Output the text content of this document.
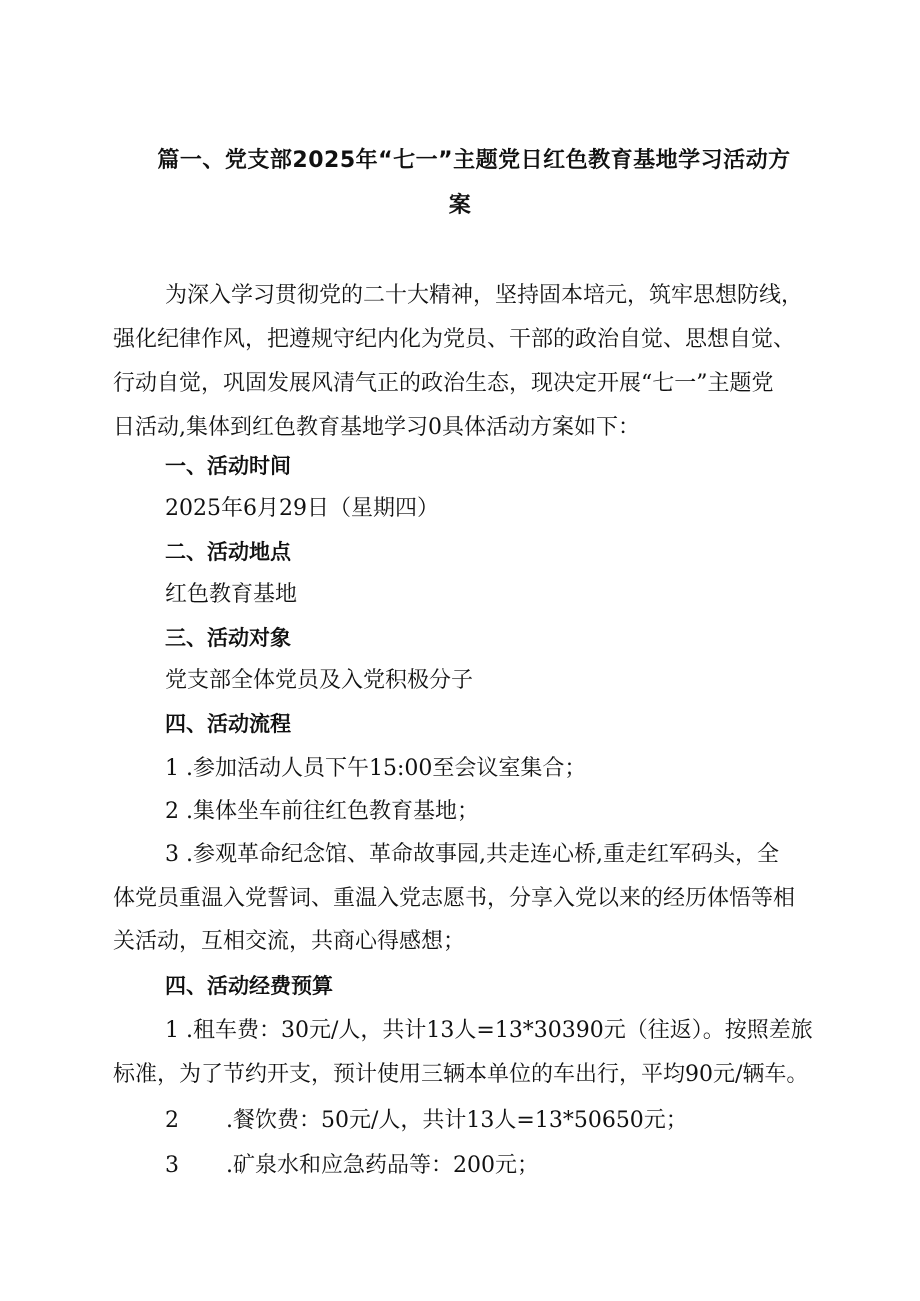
篇一、党支部2025年“七一”主题党日红色教育基地学习活动方
案
为深入学习贯彻党的二十大精神，坚持固本培元，筑牢思想防线，
强化纪律作风，把遵规守纪内化为党员、干部的政治自觉、思想自觉、
行动自觉，巩固发展风清气正的政治生态，现决定开展“七一”主题党
日活动,集体到红色教育基地学习0具体活动方案如下：
一、活动时间
2025年6月29日（星期四）
二、活动地点
红色教育基地
三、活动对象
党支部全体党员及入党积极分子
四、活动流程
1 .参加活动人员下午15:00至会议室集合；
2 .集体坐车前往红色教育基地；
3 .参观革命纪念馆、革命故事园,共走连心桥,重走红军码头，全
体党员重温入党誓词、重温入党志愿书，分享入党以来的经历体悟等相
关活动，互相交流，共商心得感想；
四、活动经费预算
1 .租车费：30元/人，共计13人=13*30390元（往返）。按照差旅
标准，为了节约开支，预计使用三辆本单位的车出行，平均90元/辆车。
2 .餐饮费：50元/人，共计13人=13*50650元；
3 .矿泉水和应急药品等：200元；
